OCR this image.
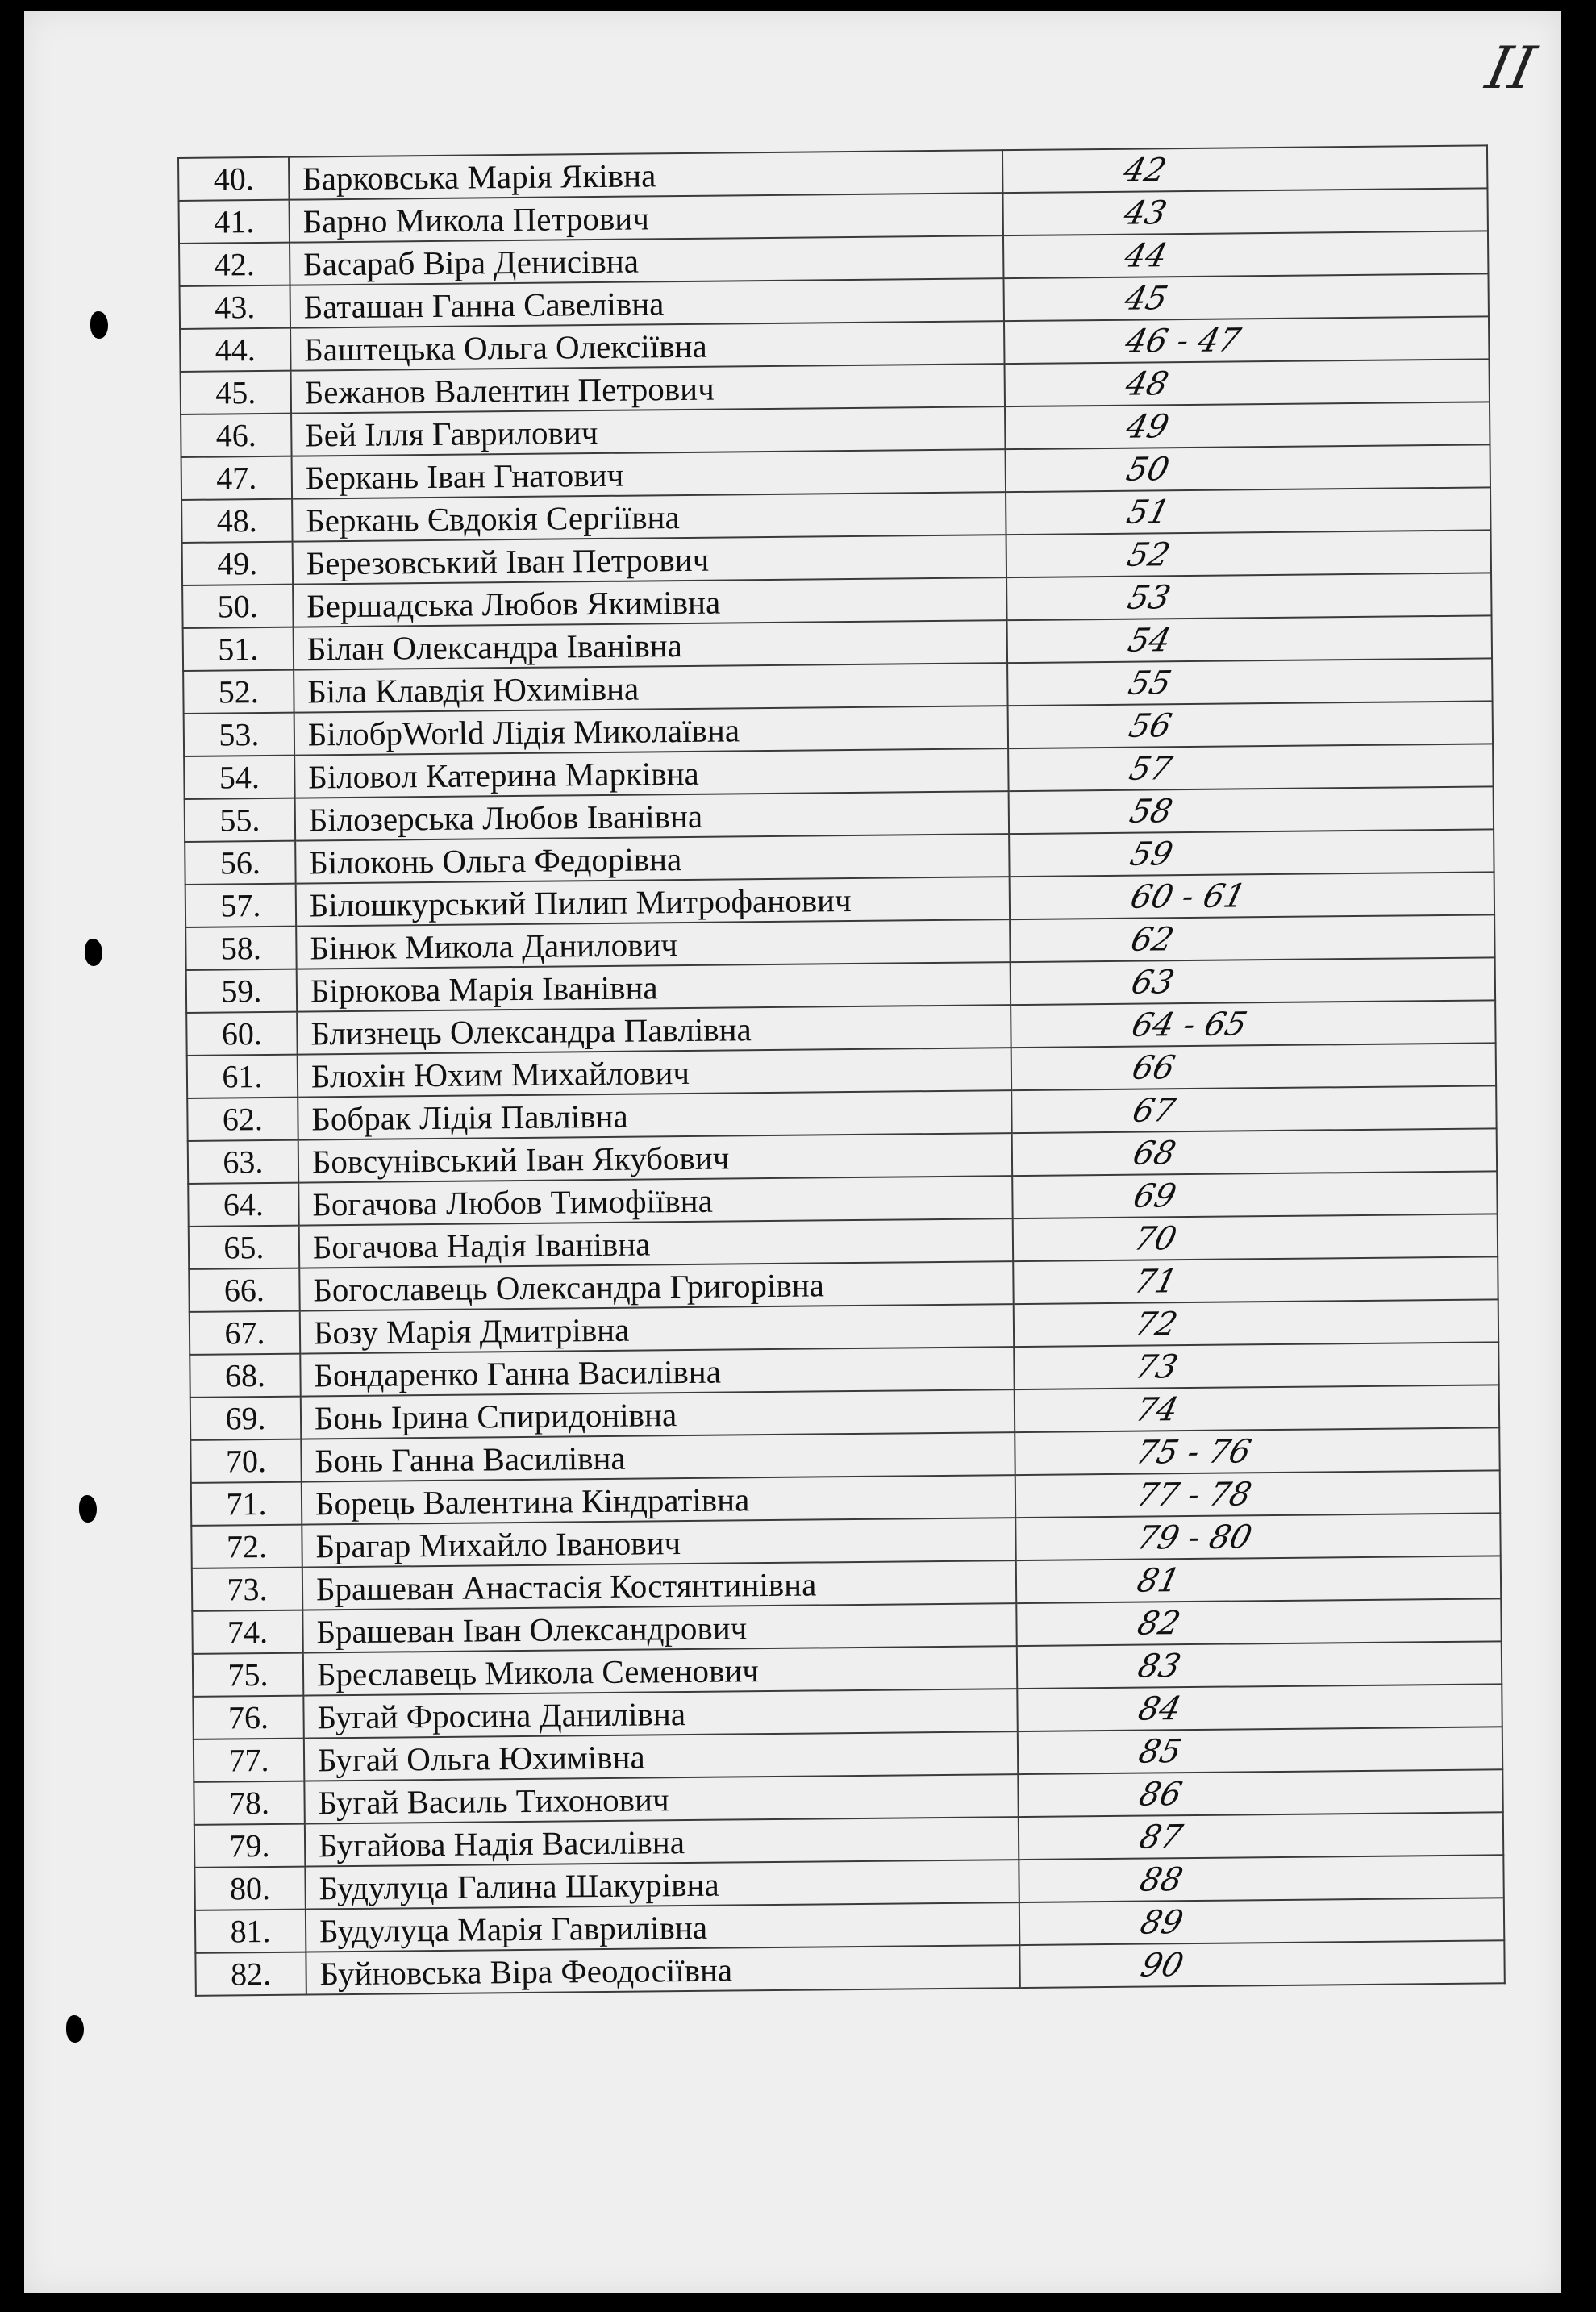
II
40.	Барковська Марія Яківна	42
41.	Барно Микола Петрович	43
42.	Басараб Віра Денисівна	44
43.	Баташан Ганна Савелівна	45
44.	Баштецька Ольга Олексіївна	46 - 47
45.	Бежанов Валентин Петрович	48
46.	Бей Ілля Гаврилович	49
47.	Беркань Іван Гнатович	50
48.	Беркань Євдокія Сергіївна	51
49.	Березовський Іван Петрович	52
50.	Бершадська Любов Якимівна	53
51.	Білан Олександра Іванівна	54
52.	Біла Клавдія Юхимівна	55
53.	БілобрWorld Лідія Миколаївна	56
54.	Біловол Катерина Марківна	57
55.	Білозерська Любов Іванівна	58
56.	Білоконь Ольга Федорівна	59
57.	Білошкурський Пилип Митрофанович	60 - 61
58.	Бінюк Микола Данилович	62
59.	Бірюкова Марія Іванівна	63
60.	Близнець Олександра Павлівна	64 - 65
61.	Блохін Юхим Михайлович	66
62.	Бобрак Лідія Павлівна	67
63.	Бовсунівський Іван Якубович	68
64.	Богачова Любов Тимофіївна	69
65.	Богачова Надія Іванівна	70
66.	Богославець Олександра Григорівна	71
67.	Бозу Марія Дмитрівна	72
68.	Бондаренко Ганна Василівна	73
69.	Бонь Ірина Спиридонівна	74
70.	Бонь Ганна Василівна	75 - 76
71.	Борець Валентина Кіндратівна	77 - 78
72.	Брагар Михайло Іванович	79 - 80
73.	Брашеван Анастасія Костянтинівна	81
74.	Брашеван Іван Олександрович	82
75.	Бреславець Микола Семенович	83
76.	Бугай Фросина Данилівна	84
77.	Бугай Ольга Юхимівна	85
78.	Бугай Василь Тихонович	86
79.	Бугайова Надія Василівна	87
80.	Будулуца Галина Шакурівна	88
81.	Будулуца Марія Гаврилівна	89
82.	Буйновська Віра Феодосіївна	90
